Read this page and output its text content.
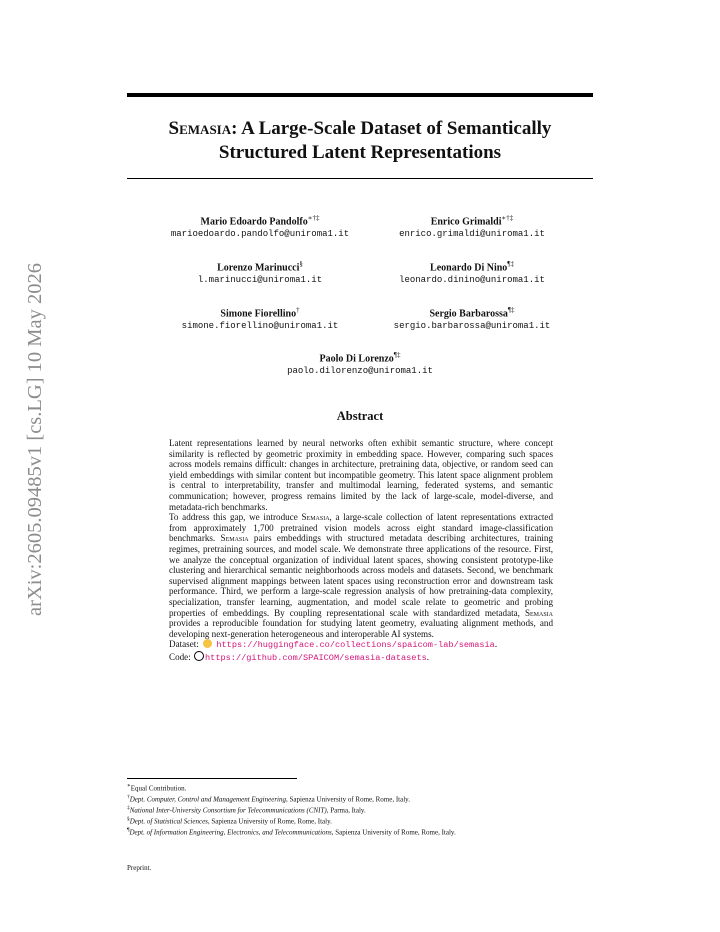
arXiv:2605.09485v1 [cs.LG] 10 May 2026
Semasia: A Large-Scale Dataset of Semantically
Structured Latent Representations
Mario Edoardo Pandolfo∗†‡
marioedoardo.pandolfo@uniroma1.it
Enrico Grimaldi∗†‡
enrico.grimaldi@uniroma1.it
Lorenzo Marinucci§
l.marinucci@uniroma1.it
Leonardo Di Nino¶‡
leonardo.dinino@uniroma1.it
Simone Fiorellino†
simone.fiorellino@uniroma1.it
Sergio Barbarossa¶‡
sergio.barbarossa@uniroma1.it
Paolo Di Lorenzo¶‡
paolo.dilorenzo@uniroma1.it
Abstract

Latent representations learned by neural networks often exhibit semantic structure, where concept similarity is reflected by geometric proximity in embedding space. However, comparing such spaces across models remains difficult: changes in architecture, pretraining data, objective, or random seed can yield embeddings with similar content but incompatible geometry. This latent space alignment problem is central to interpretability, transfer and multimodal learning, federated systems, and semantic communication; however, progress remains limited by the lack of large-scale, model-diverse, and metadata-rich benchmarks.

To address this gap, we introduce Semasia, a large-scale collection of latent representations extracted from approximately 1,700 pretrained vision models across eight standard image-classification benchmarks. Semasia pairs embeddings with structured metadata describing architectures, training regimes, pretraining sources, and model scale. We demonstrate three applications of the resource. First, we analyze the conceptual organization of individual latent spaces, showing consistent prototype-like clustering and hierarchical semantic neighborhoods across models and datasets. Second, we benchmark supervised alignment mappings between latent spaces using reconstruction error and downstream task performance. Third, we perform a large-scale regression analysis of how pretraining-data complexity, specialization, transfer learning, augmentation, and model scale relate to geometric and probing properties of embeddings. By coupling representational scale with standardized metadata, Semasia provides a reproducible foundation for studying latent geometry, evaluating alignment methods, and developing next-generation heterogeneous and interoperable AI systems.

Dataset: https://huggingface.co/collections/spaicom-lab/semasia.

Code: https://github.com/SPAICOM/semasia-datasets.

∗Equal Contribution.
†Dept. Computer, Control and Management Engineering, Sapienza University of Rome, Rome, Italy.
‡National Inter-University Consortium for Telecommunications (CNIT), Parma, Italy.
§Dept. of Statistical Sciences, Sapienza University of Rome, Rome, Italy.
¶Dept. of Information Engineering, Electronics, and Telecommunications, Sapienza University of Rome, Rome, Italy.
Preprint.
